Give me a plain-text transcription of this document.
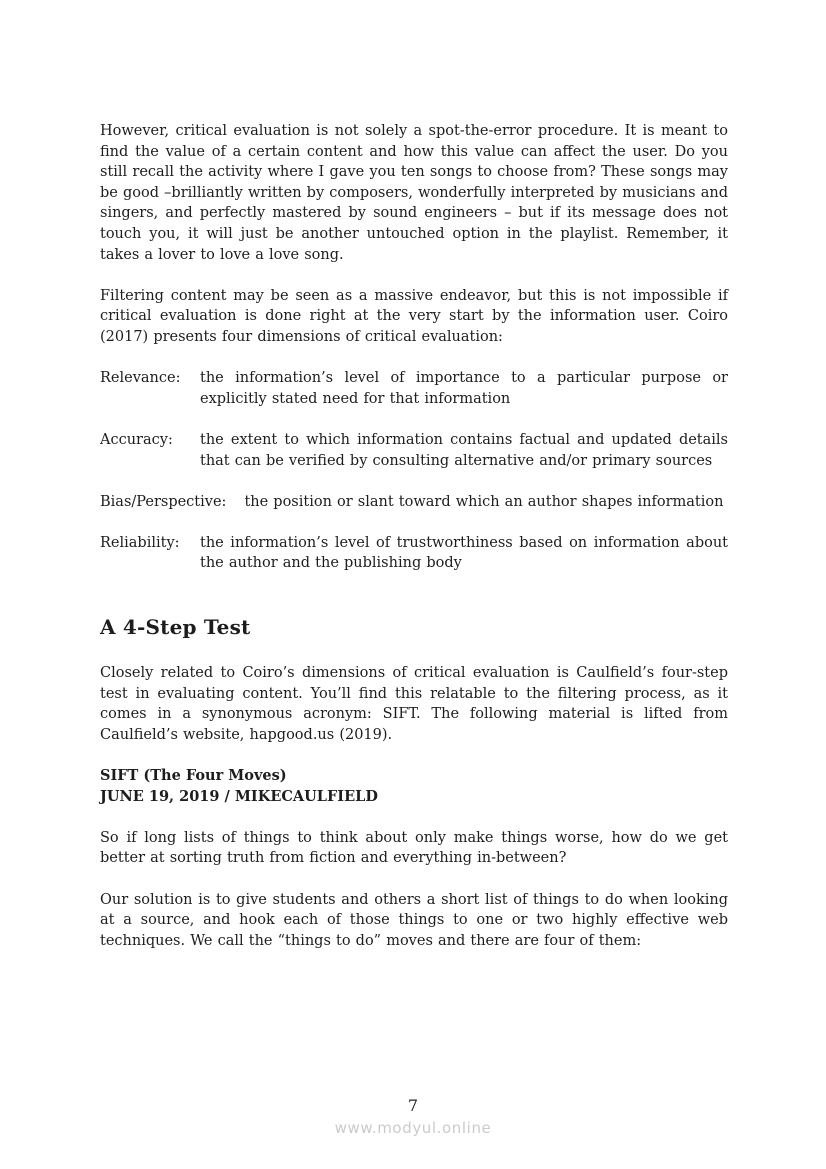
However, critical evaluation is not solely a spot-the-error procedure. It is meant to find the value of a certain content and how this value can affect the user. Do you still recall the activity where I gave you ten songs to choose from? These songs may be good –brilliantly written by composers, wonderfully interpreted by musicians and singers, and perfectly mastered by sound engineers – but if its message does not touch you, it will just be another untouched option in the playlist. Remember, it takes a lover to love a love song.

Filtering content may be seen as a massive endeavor, but this is not impossible if critical evaluation is done right at the very start by the information user. Coiro (2017) presents four dimensions of critical evaluation:

Relevance:	the information’s level of importance to a particular purpose or explicitly stated need for that information
Accuracy:	the extent to which information contains factual and updated details that can be verified by consulting alternative and/or primary sources
Bias/Perspective:	the position or slant toward which an author shapes information
Reliability:	the information’s level of trustworthiness based on information about the author and the publishing body
A 4-Step Test

Closely related to Coiro’s dimensions of critical evaluation is Caulfield’s four-step test in evaluating content. You’ll find this relatable to the filtering process, as it comes in a synonymous acronym: SIFT. The following material is lifted from Caulfield’s website, hapgood.us (2019).

SIFT (The Four Moves)
JUNE 19, 2019 / MIKECAULFIELD

So if long lists of things to think about only make things worse, how do we get better at sorting truth from fiction and everything in-between?

Our solution is to give students and others a short list of things to do when looking at a source, and hook each of those things to one or two highly effective web techniques. We call the “things to do” moves and there are four of them:

7
www.modyul.online
